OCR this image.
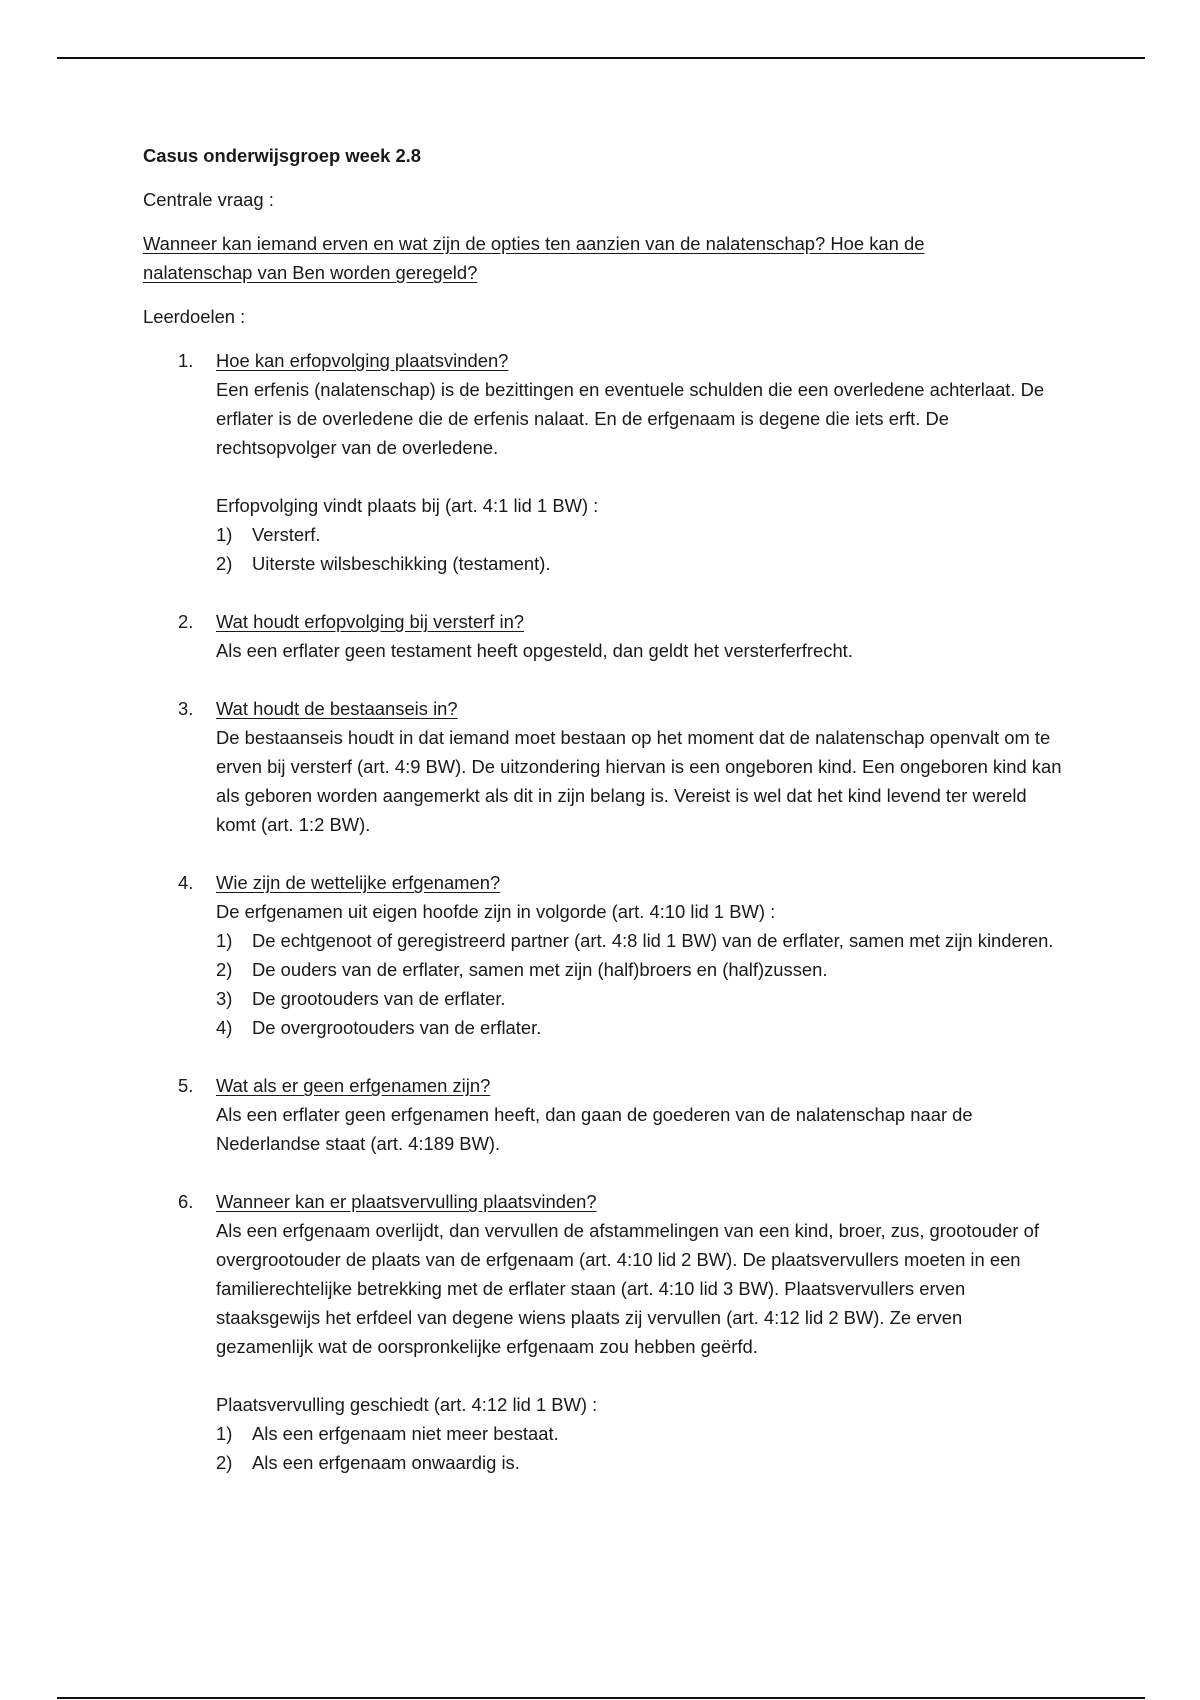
Casus onderwijsgroep week 2.8

Centrale vraag :

Wanneer kan iemand erven en wat zijn de opties ten aanzien van de nalatenschap? Hoe kan de nalatenschap van Ben worden geregeld?

Leerdoelen :

1. Hoe kan erfopvolging plaatsvinden?

Een erfenis (nalatenschap) is de bezittingen en eventuele schulden die een overledene achterlaat. De erflater is de overledene die de erfenis nalaat. En de erfgenaam is degene die iets erft. De rechtsopvolger van de overledene.

Erfopvolging vindt plaats bij (art. 4:1 lid 1 BW) :

1) Versterf.
2) Uiterste wilsbeschikking (testament).
2. Wat houdt erfopvolging bij versterf in?

Als een erflater geen testament heeft opgesteld, dan geldt het versterferfrecht.

3. Wat houdt de bestaanseis in?

De bestaanseis houdt in dat iemand moet bestaan op het moment dat de nalatenschap openvalt om te erven bij versterf (art. 4:9 BW). De uitzondering hiervan is een ongeboren kind. Een ongeboren kind kan als geboren worden aangemerkt als dit in zijn belang is. Vereist is wel dat het kind levend ter wereld komt (art. 1:2 BW).

4. Wie zijn de wettelijke erfgenamen?

De erfgenamen uit eigen hoofde zijn in volgorde (art. 4:10 lid 1 BW) :

1) De echtgenoot of geregistreerd partner (art. 4:8 lid 1 BW) van de erflater, samen met zijn kinderen.
2) De ouders van de erflater, samen met zijn (half)broers en (half)zussen.
3) De grootouders van de erflater.
4) De overgrootouders van de erflater.
5. Wat als er geen erfgenamen zijn?

Als een erflater geen erfgenamen heeft, dan gaan de goederen van de nalatenschap naar de Nederlandse staat (art. 4:189 BW).

6. Wanneer kan er plaatsvervulling plaatsvinden?

Als een erfgenaam overlijdt, dan vervullen de afstammelingen van een kind, broer, zus, grootouder of overgrootouder de plaats van de erfgenaam (art. 4:10 lid 2 BW). De plaatsvervullers moeten in een familierechtelijke betrekking met de erflater staan (art. 4:10 lid 3 BW). Plaatsvervullers erven staaksgewijs het erfdeel van degene wiens plaats zij vervullen (art. 4:12 lid 2 BW). Ze erven gezamenlijk wat de oorspronkelijke erfgenaam zou hebben geërfd.

Plaatsvervulling geschiedt (art. 4:12 lid 1 BW) :

1) Als een erfgenaam niet meer bestaat.
2) Als een erfgenaam onwaardig is.
